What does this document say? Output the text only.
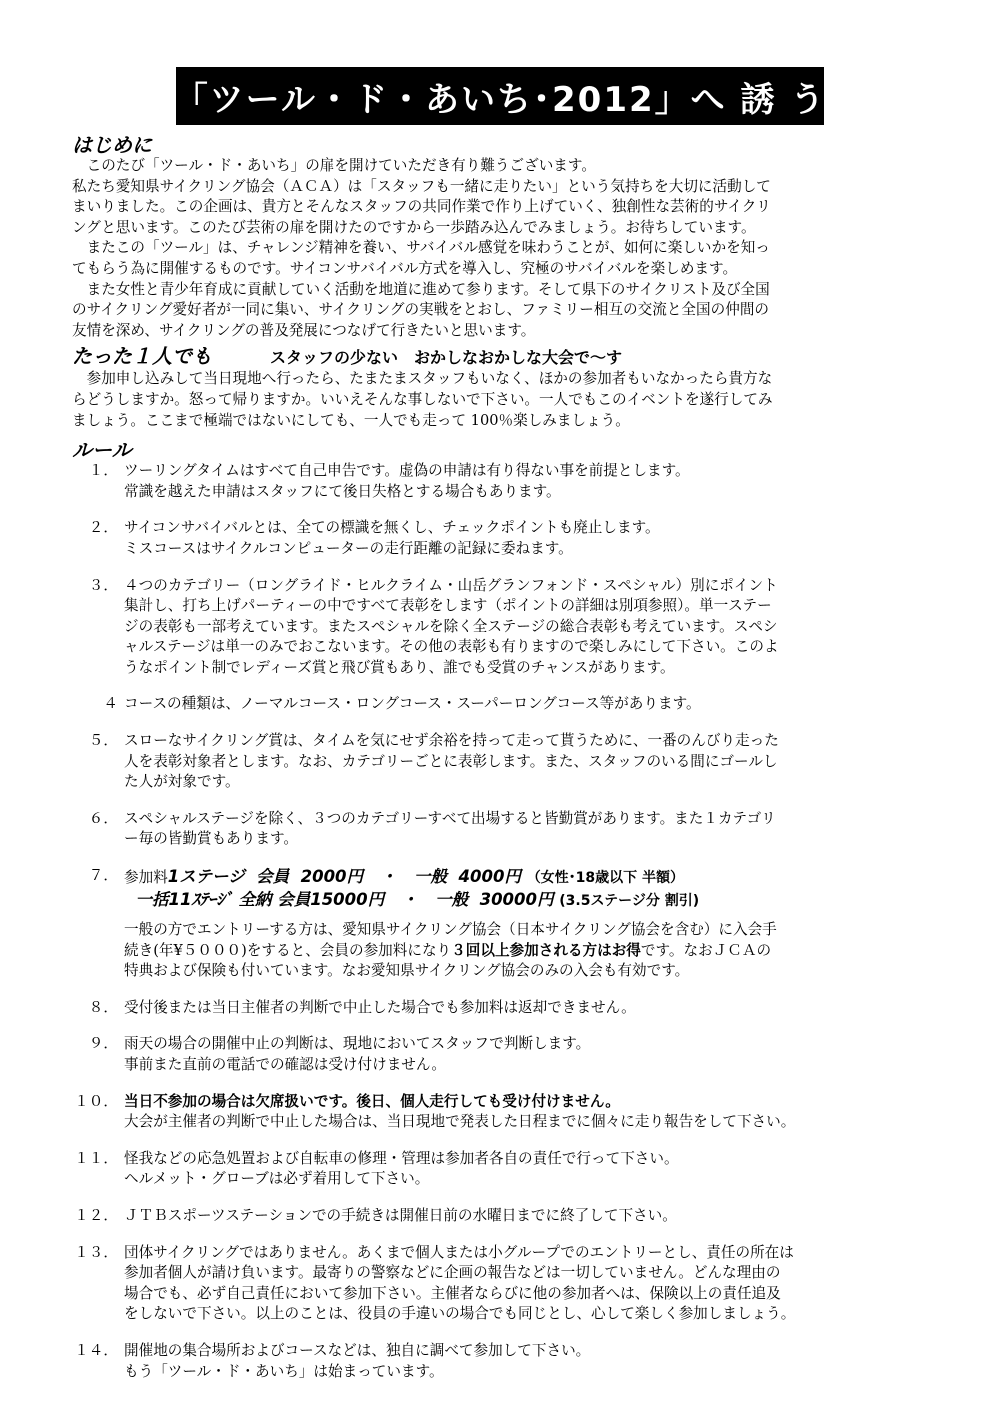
「ツール・ド・あいち･2012」へ 誘 う
はじめに

このたび「ツール・ド・あいち」の扉を開けていただき有り難うございます。

私たち愛知県サイクリング協会（ＡＣＡ）は「スタッフも一緒に走りたい」という気持ちを大切に活動して

まいりました。この企画は、貴方とそんなスタッフの共同作業で作り上げていく、独創性な芸術的サイクリ

ングと思います。このたび芸術の扉を開けたのですから一歩踏み込んでみましょう。お待ちしています。

またこの「ツール」は、チャレンジ精神を養い、サバイバル感覚を味わうことが、如何に楽しいかを知っ

てもらう為に開催するものです。サイコンサバイバル方式を導入し、究極のサバイバルを楽しめます。

また女性と青少年育成に貢献していく活動を地道に進めて参ります。そして県下のサイクリスト及び全国

のサイクリング愛好者が一同に集い、サイクリングの実戦をとおし、ファミリー相互の交流と全国の仲間の

友情を深め、サイクリングの普及発展につなげて行きたいと思います。

たった１人でも	スタッフの少ない　おかしなおかしな大会で～す

参加申し込みして当日現地へ行ったら、たまたまスタッフもいなく、ほかの参加者もいなかったら貴方な

らどうしますか。怒って帰りますか。いいえそんな事しないで下さい。一人でもこのイベントを遂行してみ

ましょう。ここまで極端ではないにしても、一人でも走って 100％楽しみましょう。

ルール
１． ツーリングタイムはすべて自己申告です。虚偽の申請は有り得ない事を前提とします。
常識を越えた申請はスタッフにて後日失格とする場合もあります。
２． サイコンサバイバルとは、全ての標識を無くし、チェックポイントも廃止します。
ミスコースはサイクルコンピューターの走行距離の記録に委ねます。
３． ４つのカテゴリー（ロングライド・ヒルクライム・山岳グランフォンド・スペシャル）別にポイント
集計し、打ち上げパーティーの中ですべて表彰をします（ポイントの詳細は別項参照）。単一ステー
ジの表彰も一部考えています。またスペシャルを除く全ステージの総合表彰も考えています。スペシ
ャルステージは単一のみでおこないます。その他の表彰も有りますので楽しみにして下さい。このよ
うなポイント制でレディーズ賞と飛び賞もあり、誰でも受賞のチャンスがあります。
４ コースの種類は、ノーマルコース・ロングコース・スーパーロングコース等があります。
５． スローなサイクリング賞は、タイムを気にせず余裕を持って走って貰うために、一番のんびり走った
人を表彰対象者とします。なお、カテゴリーごとに表彰します。また、スタッフのいる間にゴールし
た人が対象です。
６． スペシャルステージを除く、３つのカテゴリーすべて出場すると皆勤賞があります。また１カテゴリ
ー毎の皆勤賞もあります。
７． 参加料1ステージ 会員  2000円 ・ 一般  4000円 （女性･18歳以下 半額）
一括11ｽﾃｰｼﾞ 全納 会員15000円 ・ 一般  30000円 (3.5ステージ分 割引)
一般の方でエントリーする方は、愛知県サイクリング協会（日本サイクリング協会を含む）に入会手
続き(年¥５０００)をすると、会員の参加料になり３回以上参加される方はお得です。なおＪＣＡの
特典および保険も付いています。なお愛知県サイクリング協会のみの入会も有効です。
８． 受付後または当日主催者の判断で中止した場合でも参加料は返却できません。
９． 雨天の場合の開催中止の判断は、現地においてスタッフで判断します。
事前また直前の電話での確認は受け付けません。
１０． 当日不参加の場合は欠席扱いです。後日、個人走行しても受け付けません。
大会が主催者の判断で中止した場合は、当日現地で発表した日程までに個々に走り報告をして下さい。
１１． 怪我などの応急処置および自転車の修理・管理は参加者各自の責任で行って下さい。
ヘルメット・グローブは必ず着用して下さい。
１２． ＪＴＢスポーツステーションでの手続きは開催日前の水曜日までに終了して下さい。
１３． 団体サイクリングではありません。あくまで個人または小グループでのエントリーとし、責任の所在は
参加者個人が請け負います。最寄りの警察などに企画の報告などは一切していません。どんな理由の
場合でも、必ず自己責任において参加下さい。主催者ならびに他の参加者へは、保険以上の責任追及
をしないで下さい。以上のことは、役員の手違いの場合でも同じとし、心して楽しく参加しましょう。
１４． 開催地の集合場所およびコースなどは、独自に調べて参加して下さい。
もう「ツール・ド・あいち」は始まっています。
